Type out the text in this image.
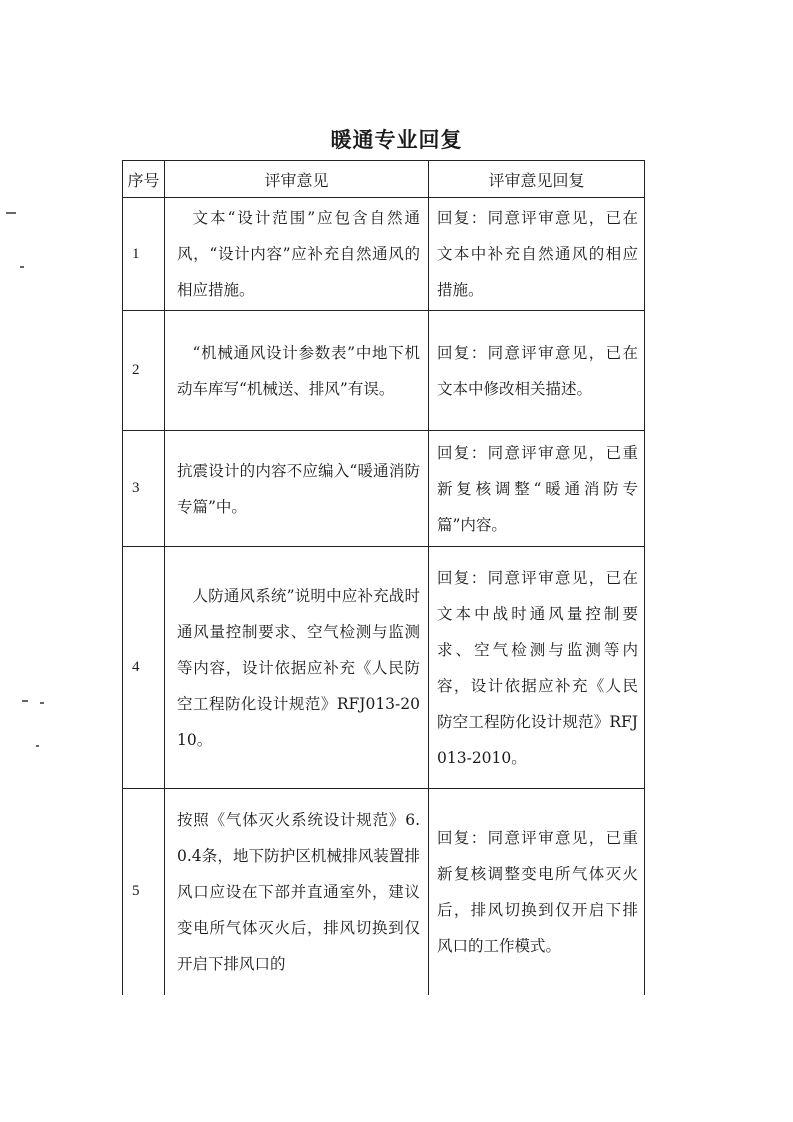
暖通专业回复
序号	评审意见	评审意见回复
1	文本“设计范围”应包含自然通风，“设计内容”应补充自然通风的相应措施。	回复：同意评审意见，已在文本中补充自然通风的相应措施。
2	“机械通风设计参数表”中地下机动车库写“机械送、排风”有误。	回复：同意评审意见，已在文本中修改相关描述。
3	抗震设计的内容不应编入“暖通消防专篇”中。	回复：同意评审意见，已重新复核调整“暖通消防专篇”内容。
4	人防通风系统”说明中应补充战时通风量控制要求、空气检测与监测等内容，设计依据应补充《人民防空工程防化设计规范》RFJ013-2010。	回复：同意评审意见，已在文本中战时通风量控制要求、空气检测与监测等内容，设计依据应补充《人民防空工程防化设计规范》RFJ013-2010。
5	按照《气体灭火系统设计规范》6.0.4条，地下防护区机械排风装置排风口应设在下部并直通室外，建议变电所气体灭火后，排风切换到仅开启下排风口的	回复：同意评审意见，已重新复核调整变电所气体灭火后，排风切换到仅开启下排风口的工作模式。
